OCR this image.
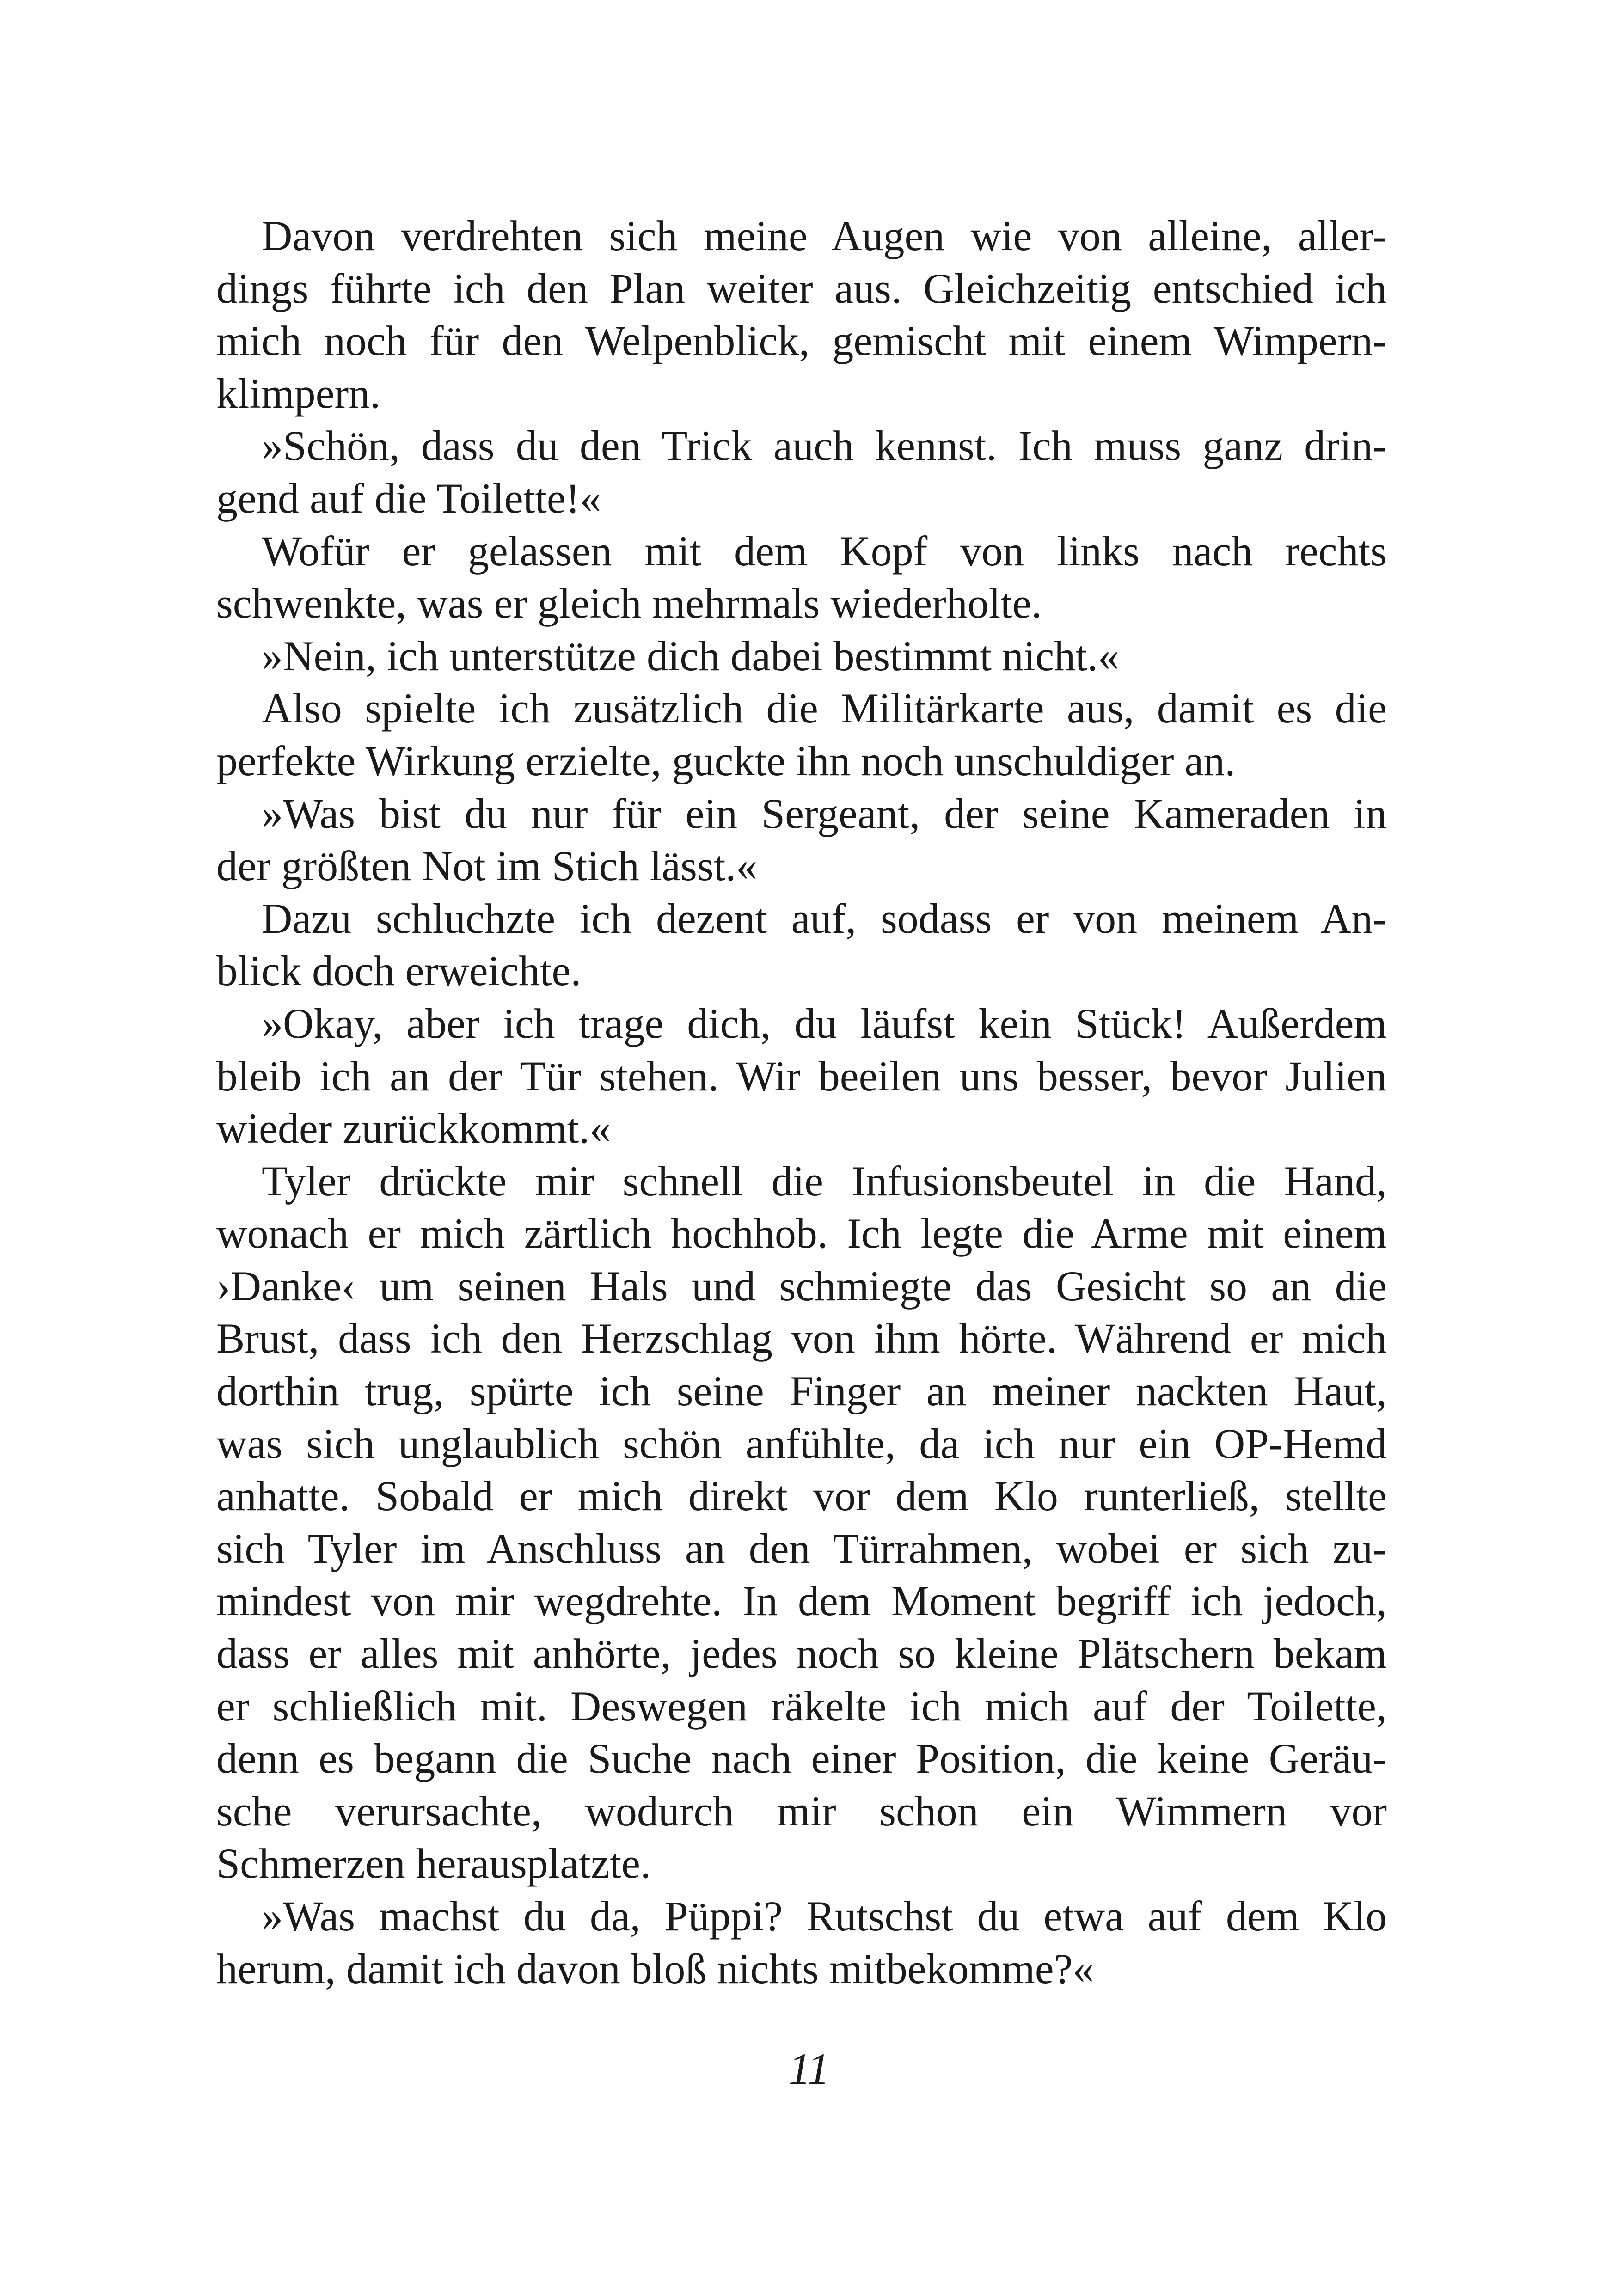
Davon verdrehten sich meine Augen wie von alleine, aller-
dings führte ich den Plan weiter aus. Gleichzeitig entschied ich
mich noch für den Welpenblick, gemischt mit einem Wimpern-
klimpern.
»Schön, dass du den Trick auch kennst. Ich muss ganz drin-
gend auf die Toilette!«
Wofür er gelassen mit dem Kopf von links nach rechts
schwenkte, was er gleich mehrmals wiederholte.
»Nein, ich unterstütze dich dabei bestimmt nicht.«
Also spielte ich zusätzlich die Militärkarte aus, damit es die
perfekte Wirkung erzielte, guckte ihn noch unschuldiger an.
»Was bist du nur für ein Sergeant, der seine Kameraden in
der größten Not im Stich lässt.«
Dazu schluchzte ich dezent auf, sodass er von meinem An-
blick doch erweichte.
»Okay, aber ich trage dich, du läufst kein Stück! Außerdem
bleib ich an der Tür stehen. Wir beeilen uns besser, bevor Julien
wieder zurückkommt.«
Tyler drückte mir schnell die Infusionsbeutel in die Hand,
wonach er mich zärtlich hochhob. Ich legte die Arme mit einem
›Danke‹ um seinen Hals und schmiegte das Gesicht so an die
Brust, dass ich den Herzschlag von ihm hörte. Während er mich
dorthin trug, spürte ich seine Finger an meiner nackten Haut,
was sich unglaublich schön anfühlte, da ich nur ein OP-Hemd
anhatte. Sobald er mich direkt vor dem Klo runterließ, stellte
sich Tyler im Anschluss an den Türrahmen, wobei er sich zu-
mindest von mir wegdrehte. In dem Moment begriff ich jedoch,
dass er alles mit anhörte, jedes noch so kleine Plätschern bekam
er schließlich mit. Deswegen räkelte ich mich auf der Toilette,
denn es begann die Suche nach einer Position, die keine Geräu-
sche verursachte, wodurch mir schon ein Wimmern vor
Schmerzen herausplatzte.
»Was machst du da, Püppi? Rutschst du etwa auf dem Klo
herum, damit ich davon bloß nichts mitbekomme?«
11
